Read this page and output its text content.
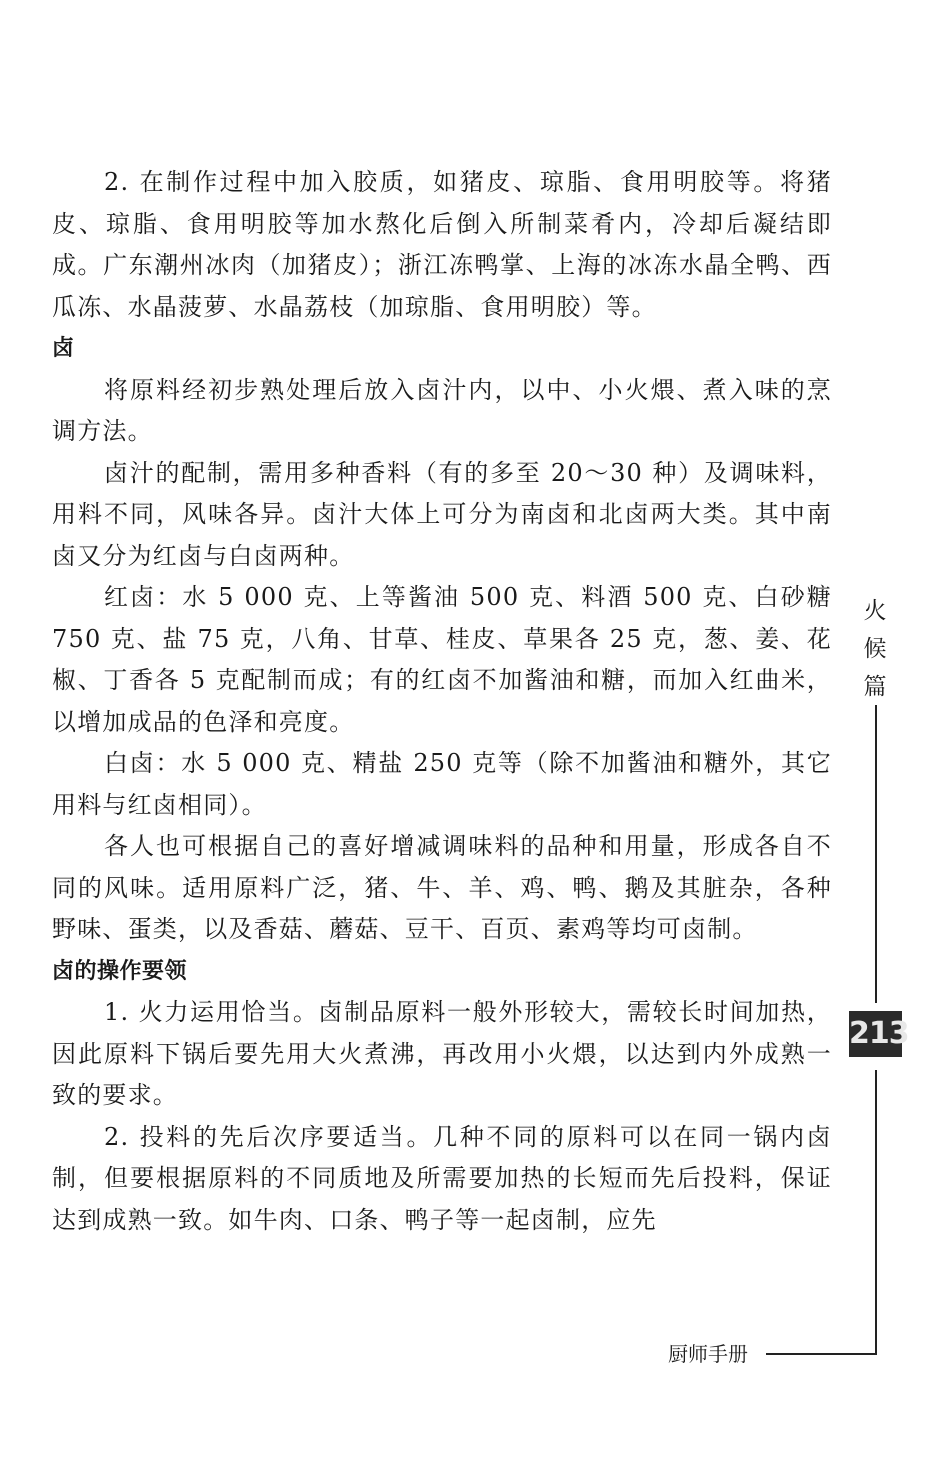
2. 在制作过程中加入胶质，如猪皮、琼脂、食用明胶等。将猪皮、琼脂、食用明胶等加水熬化后倒入所制菜肴内，冷却后凝结即成。广东潮州冰肉（加猪皮）；浙江冻鸭掌、上海的冰冻水晶全鸭、西瓜冻、水晶菠萝、水晶荔枝（加琼脂、食用明胶）等。

卤

将原料经初步熟处理后放入卤汁内，以中、小火煨、煮入味的烹调方法。

卤汁的配制，需用多种香料（有的多至 20～30 种）及调味料，用料不同，风味各异。卤汁大体上可分为南卤和北卤两大类。其中南卤又分为红卤与白卤两种。

红卤：水 5 000 克、上等酱油 500 克、料酒 500 克、白砂糖 750 克、盐 75 克，八角、甘草、桂皮、草果各 25 克，葱、姜、花椒、丁香各 5 克配制而成；有的红卤不加酱油和糖，而加入红曲米，以增加成品的色泽和亮度。

白卤：水 5 000 克、精盐 250 克等（除不加酱油和糖外，其它用料与红卤相同）。

各人也可根据自己的喜好增减调味料的品种和用量，形成各自不同的风味。适用原料广泛，猪、牛、羊、鸡、鸭、鹅及其脏杂，各种野味、蛋类，以及香菇、蘑菇、豆干、百页、素鸡等均可卤制。

卤的操作要领

1. 火力运用恰当。卤制品原料一般外形较大，需较长时间加热，因此原料下锅后要先用大火煮沸，再改用小火煨，以达到内外成熟一致的要求。

2. 投料的先后次序要适当。几种不同的原料可以在同一锅内卤制，但要根据原料的不同质地及所需要加热的长短而先后投料，保证达到成熟一致。如牛肉、口条、鸭子等一起卤制，应先

火
候
篇
213
厨师手册
